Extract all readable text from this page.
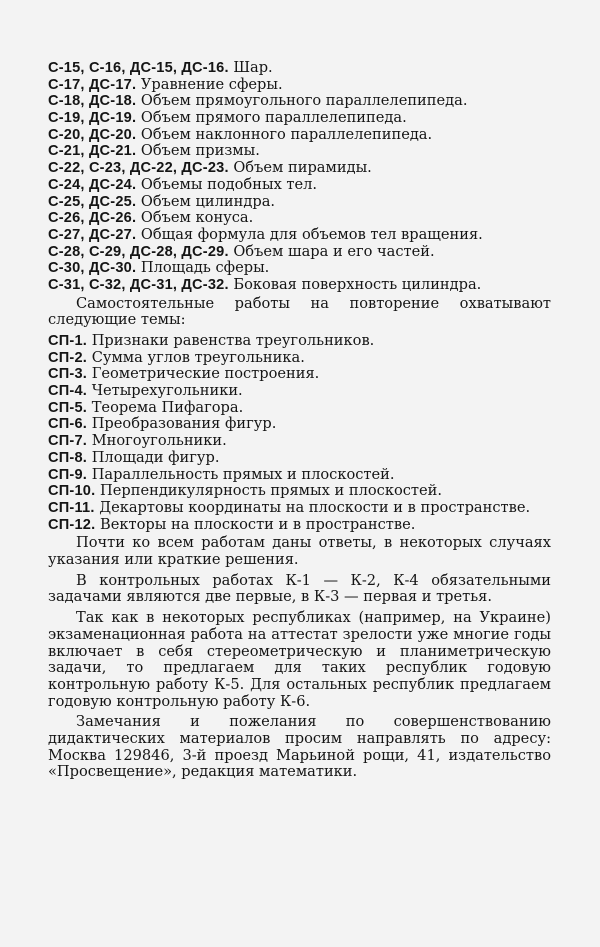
С-15, С-16, ДС-15, ДС-16. Шар.
С-17, ДС-17. Уравнение сферы.
С-18, ДС-18. Объем прямоугольного параллелепипеда.
С-19, ДС-19. Объем прямого параллелепипеда.
С-20, ДС-20. Объем наклонного параллелепипеда.
С-21, ДС-21. Объем призмы.
С-22, С-23, ДС-22, ДС-23. Объем пирамиды.
С-24, ДС-24. Объемы подобных тел.
С-25, ДС-25. Объем цилиндра.
С-26, ДС-26. Объем конуса.
С-27, ДС-27. Общая формула для объемов тел вращения.
С-28, С-29, ДС-28, ДС-29. Объем шара и его частей.
С-30, ДС-30. Площадь сферы.
С-31, С-32, ДС-31, ДС-32. Боковая поверхность цилиндра.

Самостоятельные работы на повторение охватывают следующие темы:

СП-1. Признаки равенства треугольников.
СП-2. Сумма углов треугольника.
СП-3. Геометрические построения.
СП-4. Четырехугольники.
СП-5. Теорема Пифагора.
СП-6. Преобразования фигур.
СП-7. Многоугольники.
СП-8. Площади фигур.
СП-9. Параллельность прямых и плоскостей.
СП-10. Перпендикулярность прямых и плоскостей.
СП-11. Декартовы координаты на плоскости и в пространстве.
СП-12. Векторы на плоскости и в пространстве.

Почти ко всем работам даны ответы, в некоторых случаях указания или краткие решения.

В контрольных работах К-1 — К-2, К-4 обязательными задачами являются две первые, в К-3 — первая и третья.

Так как в некоторых республиках (например, на Украине) экзаменационная работа на аттестат зрелости уже многие годы включает в себя стереометрическую и планиметрическую задачи, то предлагаем для таких республик годовую контрольную работу К-5. Для остальных республик предлагаем годовую контрольную работу К-6.

Замечания и пожелания по совершенствованию дидактических материалов просим направлять по адресу: Москва 129846, 3-й проезд Марьиной рощи, 41, издательство «Просвещение», редакция математики.
